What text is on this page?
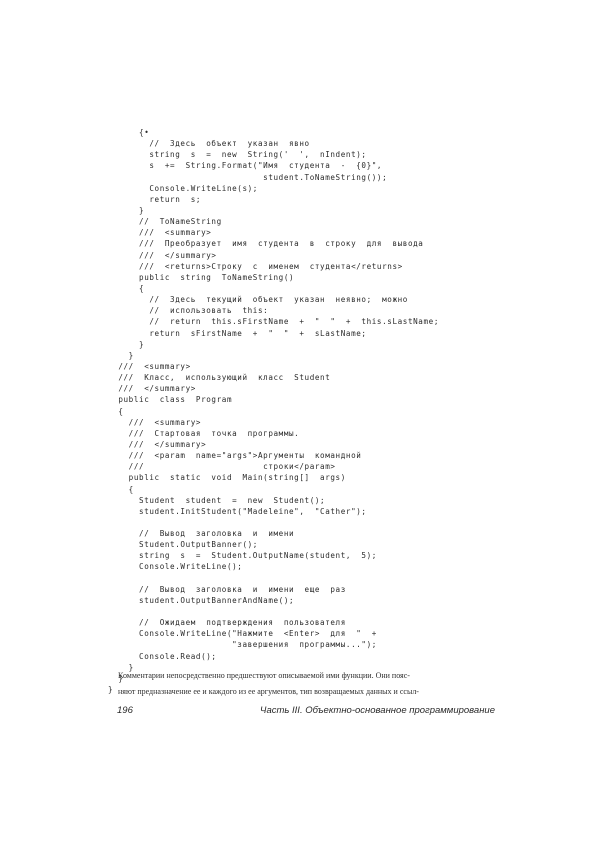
{•
//  Здесь  объект  указан  явно
string  s  =  new  String('  ',  nIndent);
s  +=  String.Format("Имя  студента  -  {0}",
student.ToNameString());
Console.WriteLine(s);
return  s;
}
//  ToNameString
///  <summary>
///  Преобразует  имя  студента  в  строку  для  вывода
///  </summary>
///  <returns>Строку  с  именем  студента</returns>
public  string  ToNameString()
{
//  Здесь  текущий  объект  указан  неявно;  можно
//  использовать  this:
//  return  this.sFirstName  +  "  "  +  this.sLastName;
return  sFirstName  +  "  "  +  sLastName;
}
}
///  <summary>
///  Класс,  использующий  класс  Student
///  </summary>
public  class  Program
{
///  <summary>
///  Стартовая  точка  программы.
///  </summary>
///  <param  name="args">Аргументы  командной
///                       строки</param>
public  static  void  Main(string[]  args)
{
Student  student  =  new  Student();
student.InitStudent("Madeleine",  "Cather");
//  Вывод  заголовка  и  имени
Student.OutputBanner();
string  s  =  Student.OutputName(student,  5);
Console.WriteLine();
//  Вывод  заголовка  и  имени  еще  раз
student.OutputBannerAndName();
//  Ожидаем  подтверждения  пользователя
Console.WriteLine("Нажмите  <Enter>  для  "  +
"завершения  программы...");
Console.Read();
}
}
}

Комментарии непосредственно предшествуют описываемой ими функции. Они пояс-

няют предназначение ее и каждого из ее аргументов, тип возвращаемых данных и ссыл-

196	Часть III. Объектно-основанное программирование
